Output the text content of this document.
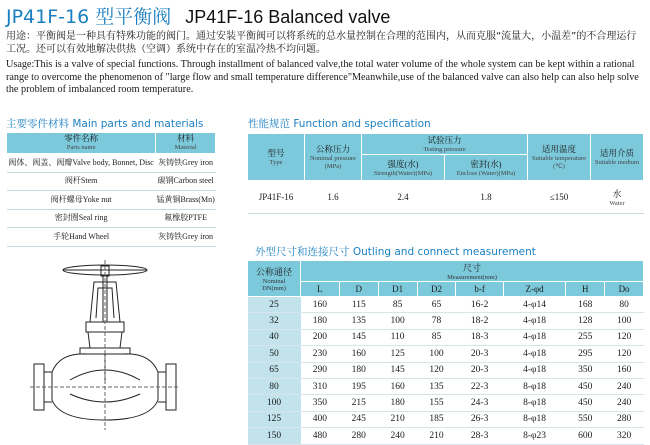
JP41F-16 型平衡阀 JP41F-16 Balanced valve
用途：平衡阀是一种具有特殊功能的阀门。通过安装平衡阀可以将系统的总水量控制在合理的范围内，从而克服“流量大，小温差”的不合理运行工况。还可以有效地解决供热（空调）系统中存在的室温冷热不均问题。
Usage:This is a valve of special functions. Through installment of balanced valve,the total water volume of the whole system can be kept within a rational range to overcome the phenomenon of "large flow and small temperature difference"Meanwhile,use of the balanced valve can also help can also help solve the problem of imbalanced room temperature.
主要零件材料 Main parts and materials
零件名称
Parts name	材料
Material

阀体、阀盖、阀瓣Valve body, Bonnet, Disc	灰铸铁Grey iron
阀杆Stem	碳钢Carbon steel
阀杆螺母Yoke nut	锰黄铜Brass(Mn)
密封圈Seal ring	氟橡胶PTFE
手轮Hand Wheel	灰铸铁Grey iron
性能规范 Function and specification
型号
Type	公称压力
Nominal pressure
(MPa)	试验压力
Testing pressure		适用温度
Suitable temperature
(℃)	适用介质
Suitable medium

		强度(水)
Strength(Water)(MPa)	密封(水)
Enclose (Water)(MPa)		

JP41F-16	1.6	2.4	1.8	≤150	水
Water
外型尺寸和连接尺寸 Outling and connect measurement
公称通径
Nominal
DN(mm)	尺寸
Measurement(mm)							

	L	D	D1	D2	b-f	Z-φd	H	Do
25	160	115	85	65	16-2	4-φ14	168	80
32	180	135	100	78	18-2	4-φ18	128	100
40	200	145	110	85	18-3	4-φ18	255	120
50	230	160	125	100	20-3	4-φ18	295	120
65	290	180	145	120	20-3	4-φ18	350	160
80	310	195	160	135	22-3	8-φ18	450	240
100	350	215	180	155	24-3	8-φ18	450	240
125	400	245	210	185	26-3	8-φ18	550	280
150	480	280	240	210	28-3	8-φ23	600	320
